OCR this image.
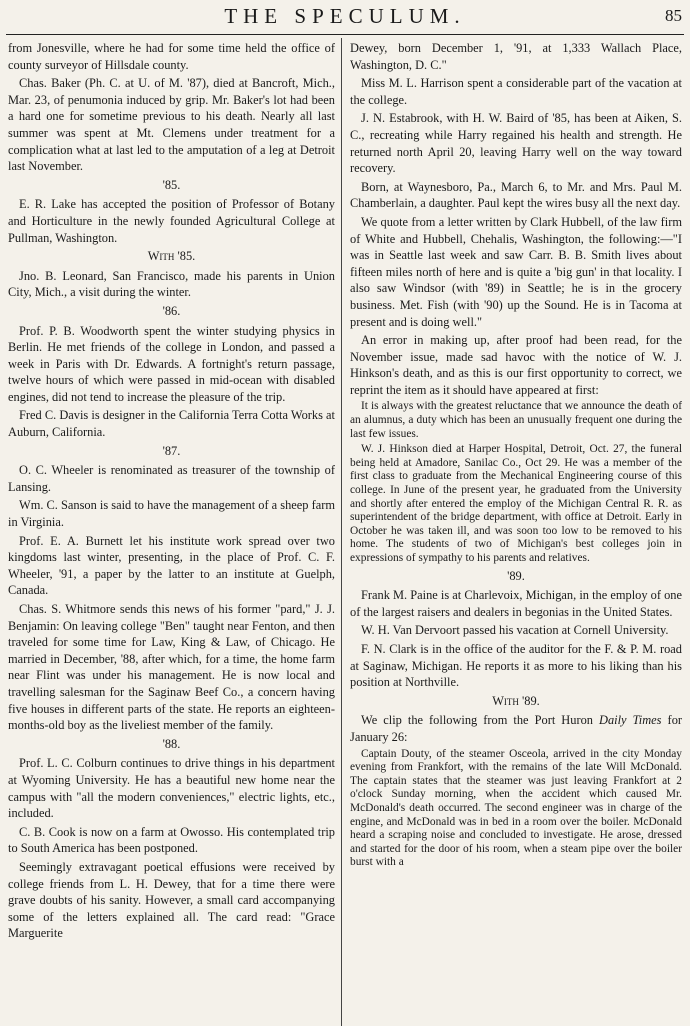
THE SPECULUM.	85

from Jonesville, where he had for some time held the office of county surveyor of Hillsdale county.

Chas. Baker (Ph. C. at U. of M. '87), died at Bancroft, Mich., Mar. 23, of penumonia induced by grip. Mr. Baker's lot had been a hard one for sometime previous to his death. Nearly all last summer was spent at Mt. Clemens under treatment for a complication what at last led to the amputation of a leg at Detroit last November.

'85.

E. R. Lake has accepted the position of Professor of Botany and Horticulture in the newly founded Agricultural College at Pullman, Washington.

With '85.

Jno. B. Leonard, San Francisco, made his parents in Union City, Mich., a visit during the winter.

'86.

Prof. P. B. Woodworth spent the winter studying physics in Berlin. He met friends of the college in London, and passed a week in Paris with Dr. Edwards. A fortnight's return passage, twelve hours of which were passed in mid-ocean with disabled engines, did not tend to increase the pleasure of the trip.

Fred C. Davis is designer in the California Terra Cotta Works at Auburn, California.

'87.

O. C. Wheeler is renominated as treasurer of the township of Lansing.

Wm. C. Sanson is said to have the management of a sheep farm in Virginia.

Prof. E. A. Burnett let his institute work spread over two kingdoms last winter, presenting, in the place of Prof. C. F. Wheeler, '91, a paper by the latter to an institute at Guelph, Canada.

Chas. S. Whitmore sends this news of his former "pard," J. J. Benjamin: On leaving college "Ben" taught near Fenton, and then traveled for some time for Law, King & Law, of Chicago. He married in December, '88, after which, for a time, the home farm near Flint was under his management. He is now local and travelling salesman for the Saginaw Beef Co., a concern having five houses in different parts of the state. He reports an eighteen-months-old boy as the liveliest member of the family.

'88.

Prof. L. C. Colburn continues to drive things in his department at Wyoming University. He has a beautiful new home near the campus with "all the modern conveniences," electric lights, etc., included.

C. B. Cook is now on a farm at Owosso. His contemplated trip to South America has been postponed.

Seemingly extravagant poetical effusions were received by college friends from L. H. Dewey, that for a time there were grave doubts of his sanity. However, a small card accompanying some of the letters explained all. The card read: "Grace Marguerite

Dewey, born December 1, '91, at 1,333 Wallach Place, Washington, D. C."

Miss M. L. Harrison spent a considerable part of the vacation at the college.

J. N. Estabrook, with H. W. Baird of '85, has been at Aiken, S. C., recreating while Harry regained his health and strength. He returned north April 20, leaving Harry well on the way toward recovery.

Born, at Waynesboro, Pa., March 6, to Mr. and Mrs. Paul M. Chamberlain, a daughter. Paul kept the wires busy all the next day.

We quote from a letter written by Clark Hubbell, of the law firm of White and Hubbell, Chehalis, Washington, the following:—"I was in Seattle last week and saw Carr. B. B. Smith lives about fifteen miles north of here and is quite a 'big gun' in that locality. I also saw Windsor (with '89) in Seattle; he is in the grocery business. Met. Fish (with '90) up the Sound. He is in Tacoma at present and is doing well."

An error in making up, after proof had been read, for the November issue, made sad havoc with the notice of W. J. Hinkson's death, and as this is our first opportunity to correct, we reprint the item as it should have appeared at first:

It is always with the greatest reluctance that we announce the death of an alumnus, a duty which has been an unusually frequent one during the last few issues.

W. J. Hinkson died at Harper Hospital, Detroit, Oct. 27, the funeral being held at Amadore, Sanilac Co., Oct 29. He was a member of the first class to graduate from the Mechanical Engineering course of this college. In June of the present year, he graduated from the University and shortly after entered the employ of the Michigan Central R. R. as superintendent of the bridge department, with office at Detroit. Early in October he was taken ill, and was soon too low to be removed to his home. The students of two of Michigan's best colleges join in expressions of sympathy to his parents and relatives.

'89.

Frank M. Paine is at Charlevoix, Michigan, in the employ of one of the largest raisers and dealers in begonias in the United States.

W. H. Van Dervoort passed his vacation at Cornell University.

F. N. Clark is in the office of the auditor for the F. & P. M. road at Saginaw, Michigan. He reports it as more to his liking than his position at Northville.

With '89.

We clip the following from the Port Huron Daily Times for January 26:

Captain Douty, of the steamer Osceola, arrived in the city Monday evening from Frankfort, with the remains of the late Will McDonald. The captain states that the steamer was just leaving Frankfort at 2 o'clock Sunday morning, when the accident which caused Mr. McDonald's death occurred. The second engineer was in charge of the engine, and McDonald was in bed in a room over the boiler. McDonald heard a scraping noise and concluded to investigate. He arose, dressed and started for the door of his room, when a steam pipe over the boiler burst with a
